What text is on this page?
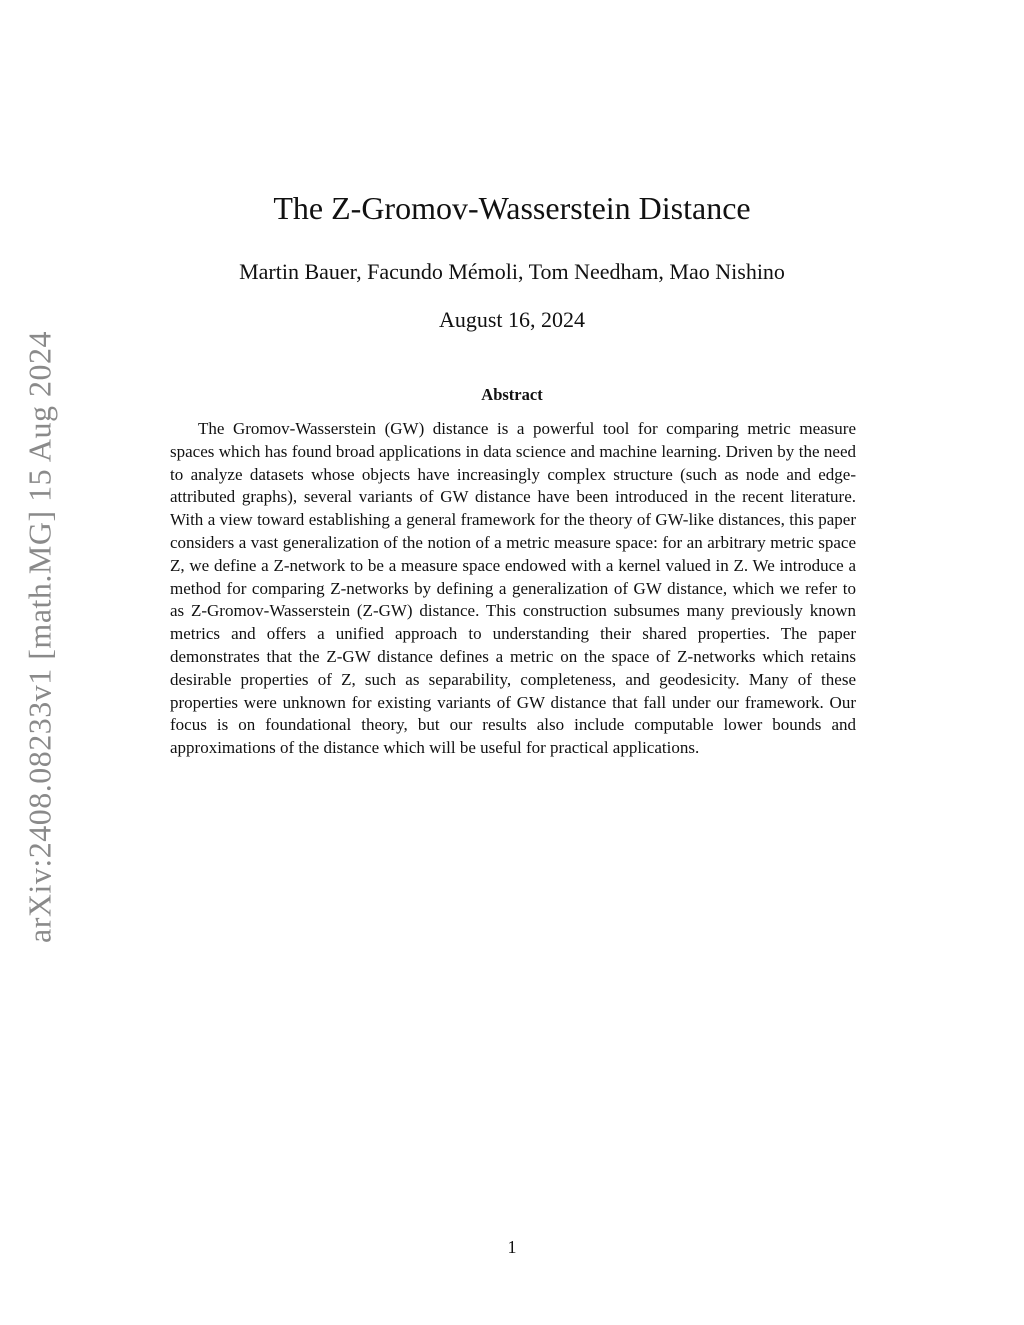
arXiv:2408.08233v1 [math.MG] 15 Aug 2024
The Z-Gromov-Wasserstein Distance
Martin Bauer, Facundo Mémoli, Tom Needham, Mao Nishino
August 16, 2024
Abstract

The Gromov-Wasserstein (GW) distance is a powerful tool for comparing metric measure spaces which has found broad applications in data science and machine learning. Driven by the need to analyze datasets whose objects have increasingly complex structure (such as node and edge-attributed graphs), several variants of GW distance have been introduced in the recent literature. With a view toward establishing a general framework for the theory of GW-like distances, this paper considers a vast generalization of the notion of a metric measure space: for an arbitrary metric space Z, we define a Z-network to be a measure space endowed with a kernel valued in Z. We introduce a method for comparing Z-networks by defining a generalization of GW distance, which we refer to as Z-Gromov-Wasserstein (Z-GW) distance. This construction subsumes many previously known metrics and offers a unified approach to understanding their shared properties. The paper demonstrates that the Z-GW distance defines a metric on the space of Z-networks which retains desirable properties of Z, such as separability, completeness, and geodesicity. Many of these properties were unknown for existing variants of GW distance that fall under our framework. Our focus is on foundational theory, but our results also include computable lower bounds and approximations of the distance which will be useful for practical applications.

1
